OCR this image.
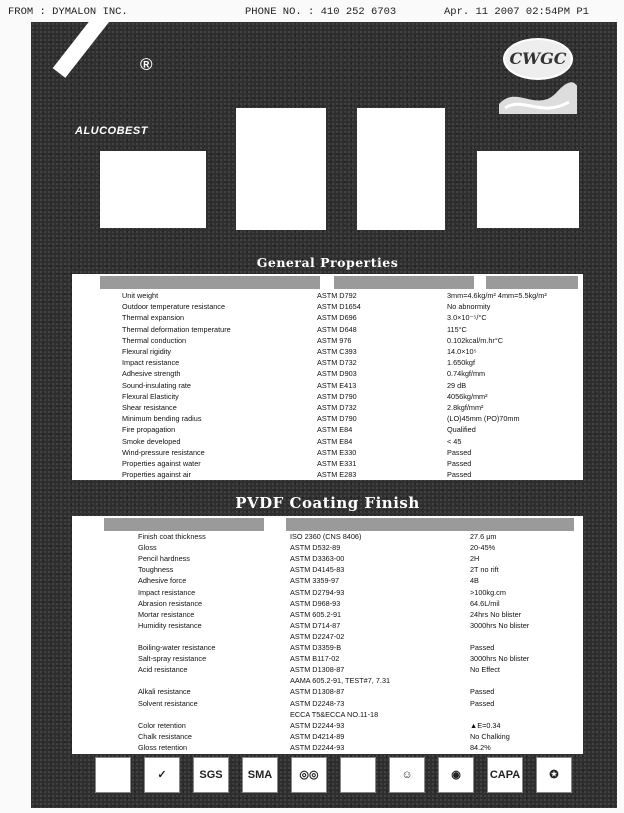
FROM : DYMALON,INC.	PHONE NO. : 410 252 6703	Apr. 11 2007 02:54PM P1
®
ALUCOBEST
CWGC
General Properties
Unit weight	ASTM D792	3mm=4.6kg/m² 4mm=5.5kg/m²
Outdoor temperature resistance	ASTM D1654	No abnormity
Thermal expansion	ASTM D696	3.0×10⁻⁵/°C
Thermal deformation temperature	ASTM D648	115°C
Thermal conduction	ASTM 976	0.102kcal/m.hr°C
Flexural rigidity	ASTM C393	14.0×10⁵
Impact resistance	ASTM D732	1.650kgf
Adhesive strength	ASTM D903	0.74kgf/mm
Sound-insulating rate	ASTM E413	29 dB
Flexural Elasticity	ASTM D790	4056kg/mm²
Shear resistance	ASTM D732	2.8kgf/mm²
Minimum bending radius	ASTM D790	(LO)45mm (PO)70mm
Fire propagation	ASTM E84	Qualified
Smoke developed	ASTM E84	< 45
Wind-pressure resistance	ASTM E330	Passed
Properties against water	ASTM E331	Passed
Properties against air	ASTM E283	Passed
PVDF Coating Finish
Finish coat thickness	ISO 2360 (CNS 8406)	27.6 μm
Gloss	ASTM D532-89	20-45%
Pencil hardness	ASTM D3363-00	2H
Toughness	ASTM D4145-83	2T no rift
Adhesive force	ASTM 3359-97	4B
Impact resistance	ASTM D2794-93	>100kg.cm
Abrasion resistance	ASTM D968-93	64.6L/mil
Mortar resistance	ASTM 605.2-91	24hrs No blister
Humidity resistance	ASTM D714-87	3000hrs No blister
ASTM D2247-02
Boiling-water resistance	ASTM D3359-B	Passed
Salt-spray resistance	ASTM B117-02	3000hrs No blister
Acid resistance	ASTM D1308-87	No Effect
AAMA 605.2-91, TEST#7, 7.31
Alkali resistance	ASTM D1308-87	Passed
Solvent resistance	ASTM D2248-73	Passed
ECCA T5&ECCA NO.11-18
Color retention	ASTM D2244-93	▲E=0.34
Chalk resistance	ASTM D4214-89	No Chalking
Gloss retention	ASTM D2244-93	84.2%
✓	SGS	SMA	◎◎	☺	◉	CAPA	✪
